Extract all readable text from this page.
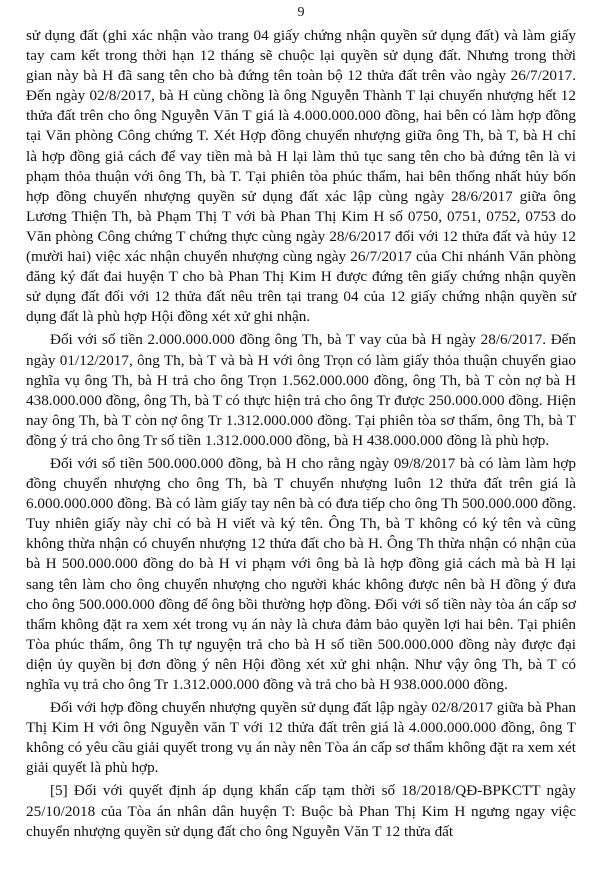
9

sử dụng đất (ghi xác nhận vào trang 04 giấy chứng nhận quyền sử dụng đất) và làm giấy tay cam kết trong thời hạn 12 tháng sẽ chuộc lại quyền sử dụng đất. Nhưng trong thời gian này bà H đã sang tên cho bà đứng tên toàn bộ 12 thửa đất trên vào ngày 26/7/2017. Đến ngày 02/8/2017, bà H cùng chồng là ông Nguyễn Thành T lại chuyển nhượng hết 12 thửa đất trên cho ông Nguyễn Văn T giá là 4.000.000.000 đồng, hai bên có làm hợp đồng tại Văn phòng Công chứng T. Xét Hợp đồng chuyển nhượng giữa ông Th, bà T, bà H chỉ là hợp đồng giả cách để vay tiền mà bà H lại làm thủ tục sang tên cho bà đứng tên là vi phạm thỏa thuận với ông Th, bà T. Tại phiên tòa phúc thẩm, hai bên thống nhất hủy bốn hợp đồng chuyển nhượng quyền sử dụng đất xác lập cùng ngày 28/6/2017 giữa ông Lương Thiện Th, bà Phạm Thị T với bà Phan Thị Kim H số 0750, 0751, 0752, 0753 do Văn phòng Công chứng T chứng thực cùng ngày 28/6/2017 đối với 12 thửa đất và hủy 12 (mười hai) việc xác nhận chuyển nhượng cùng ngày 26/7/2017 của Chi nhánh Văn phòng đăng ký đất đai huyện T cho bà Phan Thị Kim H được đứng tên giấy chứng nhận quyền sử dụng đất đối với 12 thửa đất nêu trên tại trang 04 của 12 giấy chứng nhận quyền sử dụng đất là phù hợp Hội đồng xét xử ghi nhận.

Đối với số tiền 2.000.000.000 đồng ông Th, bà T vay của bà H ngày 28/6/2017. Đến ngày 01/12/2017, ông Th, bà T và bà H với ông Trọn có làm giấy thỏa thuận chuyển giao nghĩa vụ ông Th, bà H trả cho ông Trọn 1.562.000.000 đồng, ông Th, bà T còn nợ bà H 438.000.000 đồng, ông Th, bà T có thực hiện trả cho ông Tr được 250.000.000 đồng. Hiện nay ông Th, bà T còn nợ ông Tr 1.312.000.000 đồng. Tại phiên tòa sơ thẩm, ông Th, bà T đồng ý trả cho ông Tr số tiền 1.312.000.000 đồng, bà H 438.000.000 đồng là phù hợp.

Đối với số tiền 500.000.000 đồng, bà H cho rằng ngày 09/8/2017 bà có làm làm hợp đồng chuyển nhượng cho ông Th, bà T chuyển nhượng luôn 12 thửa đất trên giá là 6.000.000.000 đồng. Bà có làm giấy tay nên bà có đưa tiếp cho ông Th 500.000.000 đồng. Tuy nhiên giấy này chỉ có bà H viết và ký tên. Ông Th, bà T không có ký tên và cũng không thừa nhận có chuyển nhượng 12 thửa đất cho bà H. Ông Th thừa nhận có nhận của bà H 500.000.000 đồng do bà H vi phạm với ông bà là hợp đồng giả cách mà bà H lại sang tên làm cho ông chuyển nhượng cho người khác không được nên bà H đồng ý đưa cho ông 500.000.000 đồng để ông bồi thường hợp đồng. Đối với số tiền này tòa án cấp sơ thẩm không đặt ra xem xét trong vụ án này là chưa đảm bảo quyền lợi hai bên. Tại phiên Tòa phúc thẩm, ông Th tự nguyện trả cho bà H số tiền 500.000.000 đồng này được đại diện ủy quyền bị đơn đồng ý nên Hội đồng xét xử ghi nhận. Như vậy ông Th, bà T có nghĩa vụ trả cho ông Tr 1.312.000.000 đồng và trả cho bà H 938.000.000 đồng.

Đối với hợp đồng chuyển nhượng quyền sử dụng đất lập ngày 02/8/2017 giữa bà Phan Thị Kim H với ông Nguyễn văn T với 12 thửa đất trên giá là 4.000.000.000 đồng, ông T không có yêu cầu giải quyết trong vụ án này nên Tòa án cấp sơ thẩm không đặt ra xem xét giải quyết là phù hợp.

[5] Đối với quyết định áp dụng khẩn cấp tạm thời số 18/2018/QĐ-BPKCTT ngày 25/10/2018 của Tòa án nhân dân huyện T: Buộc bà Phan Thị Kim H ngưng ngay việc chuyển nhượng quyền sử dụng đất cho ông Nguyễn Văn T 12 thửa đất
